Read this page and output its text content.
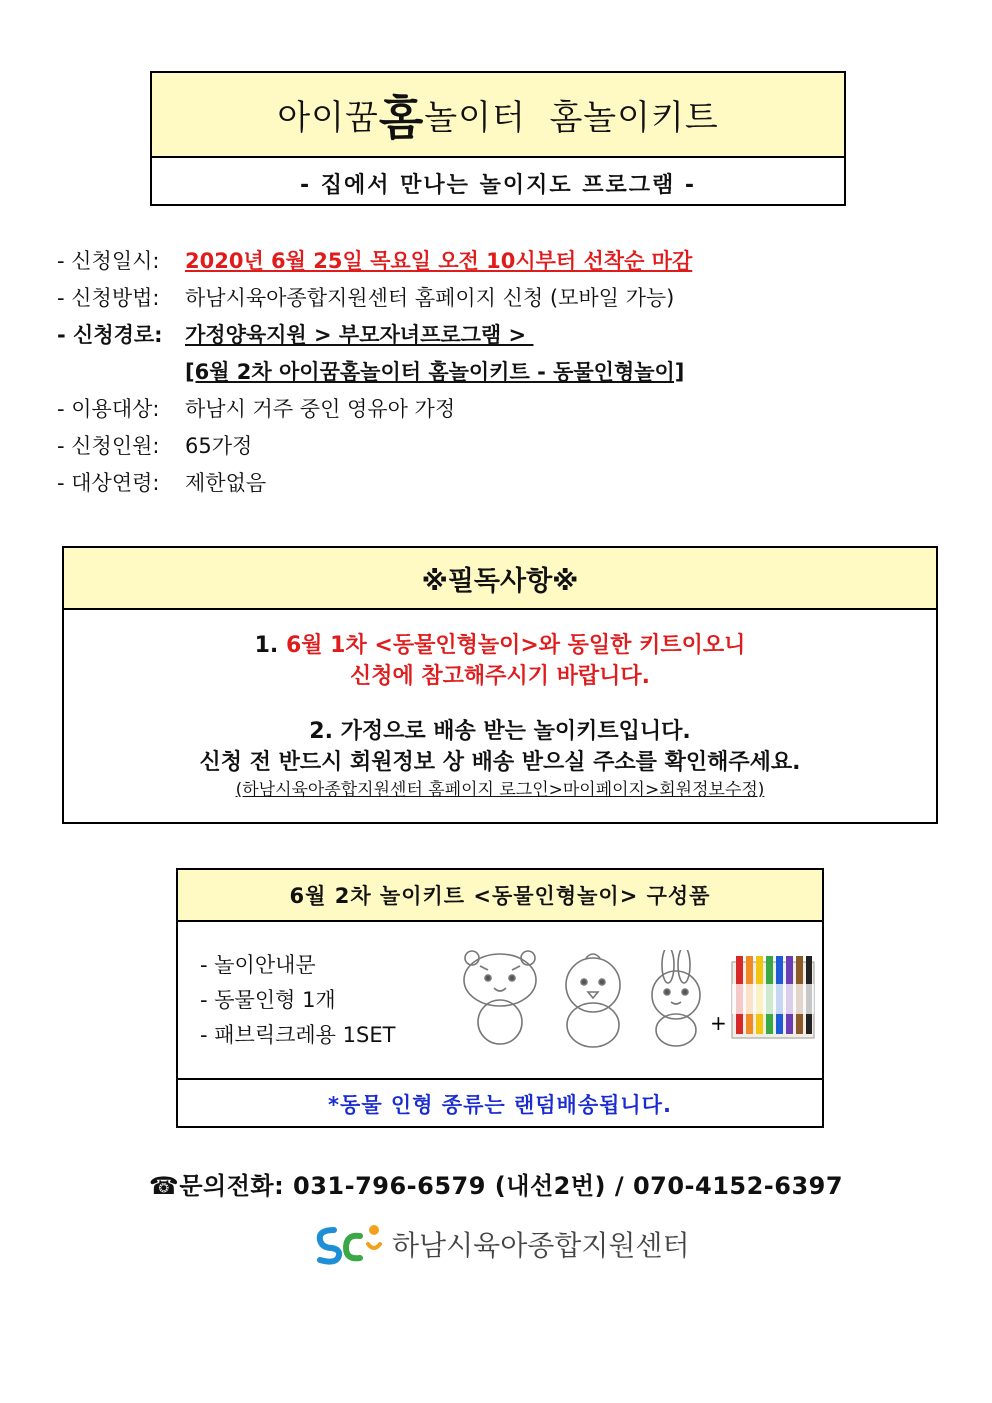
아이꿈 홈 놀이터  홈놀이키트
- 집에서 만나는 놀이지도 프로그램 -
- 신청일시:	2020년 6월 25일 목요일 오전 10시부터 선착순 마감
- 신청방법:	하남시육아종합지원센터 홈페이지 신청 (모바일 가능)
- 신청경로:	가정양육지원 > 부모자녀프로그램 >
[6월 2차 아이꿈홈놀이터 홈놀이키트 - 동물인형놀이]
- 이용대상:	하남시 거주 중인 영유아 가정
- 신청인원:	65가정
- 대상연령:	제한없음
※필독사항※
1. 6월 1차 <동물인형놀이>와 동일한 키트이오니
신청에 참고해주시기 바랍니다.
2. 가정으로 배송 받는 놀이키트입니다.
신청 전 반드시 회원정보 상 배송 받으실 주소를 확인해주세요.
(하남시육아종합지원센터 홈페이지 로그인>마이페이지>회원정보수정)
6월 2차 놀이키트 <동물인형놀이> 구성품
- 놀이안내문
- 동물인형 1개
- 패브릭크레용 1SET	+
*동물 인형 종류는 랜덤배송됩니다.
☎문의전화: 031-796-6579 (내선2번) / 070-4152-6397
하남시육아종합지원센터
